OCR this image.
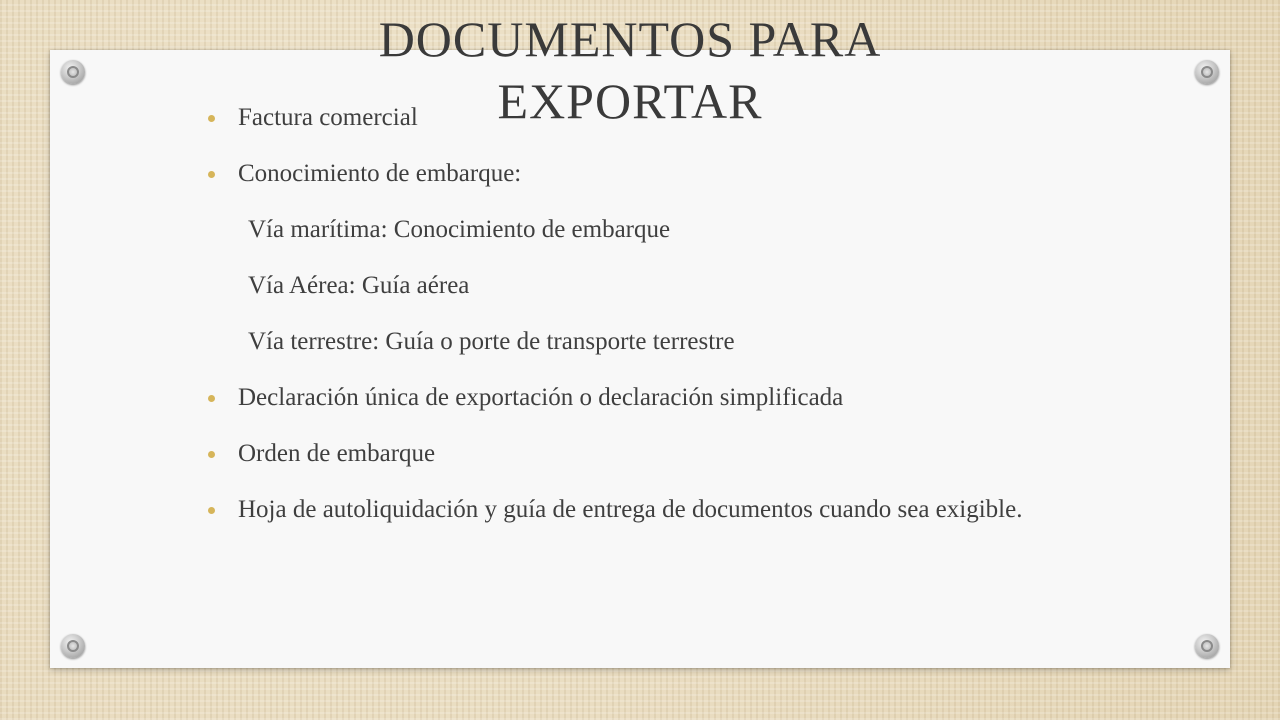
DOCUMENTOS PARA EXPORTAR
Factura comercial
Conocimiento de embarque:
Vía marítima: Conocimiento de embarque
Vía Aérea: Guía aérea
Vía terrestre: Guía o porte de transporte terrestre
Declaración única de exportación o declaración simplificada
Orden de embarque
Hoja de autoliquidación y guía de entrega de documentos cuando sea exigible.
